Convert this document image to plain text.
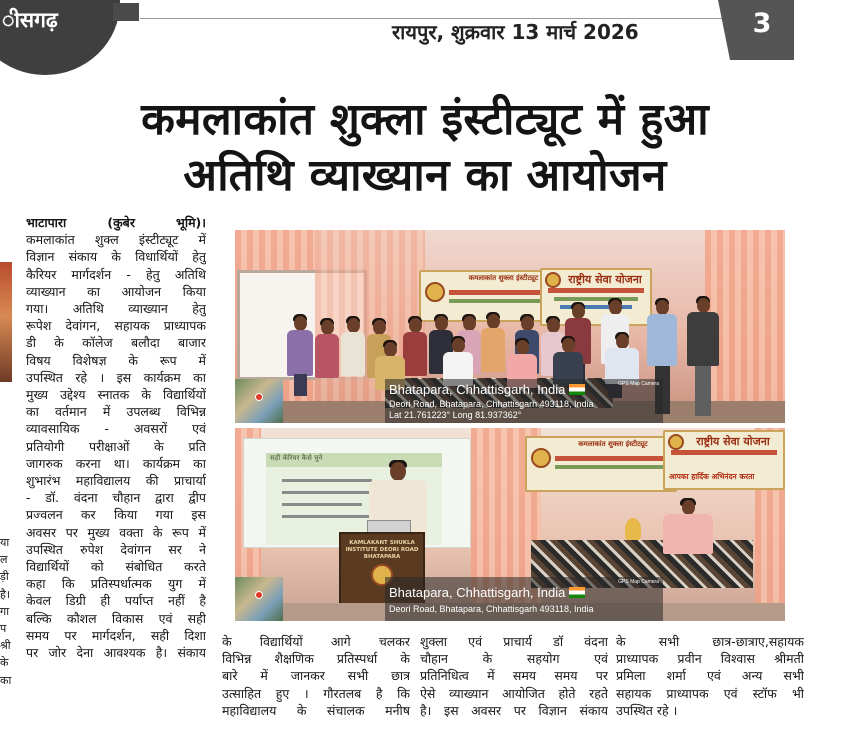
ीसगढ़	रायपुर, शुक्रवार 13 मार्च 2026	3
कमलाकांत शुक्ला इंस्टीट्यूट में हुआ
अतिथि व्याख्यान का आयोजन
या
ल
ड़ी
है।
गा
प
श्री
के
का
भाटापारा (कुबेर भूमि)।
कमलाकांत शुक्ल इंस्टीट्यूट में
विज्ञान संकाय के विधार्थियों हेतु
कैरियर मार्गदर्शन - हेतु अतिथि
व्याख्यान का आयोजन किया
गया। अतिथि व्याख्यान हेतु
रूपेश देवांगन, सहायक प्राध्यापक
डी के कॉलेज बलौदा बाजार
विषय विशेषज्ञ के रूप में
उपस्थित रहे । इस कार्यक्रम का
मुख्य उद्देश्य स्नातक के विद्यार्थियों
का वर्तमान में उपलब्ध विभिन्न
व्यावसायिक - अवसरों एवं
प्रतियोगी परीक्षाओं के प्रति
जागरुक करना था। कार्यक्रम का
शुभारंभ महाविद्यालय की प्राचार्या
- डॉ. वंदना चौहान द्वारा द्वीप
प्रज्वलन कर किया गया इस
अवसर पर मुख्य वक्ता के रूप में
उपस्थित रुपेश देवांगन सर ने
विद्यार्थियों को संबोधित करते
कहा कि प्रतिस्पर्धात्मक युग में
केवल डिग्री ही पर्याप्त नहीं है
बल्कि कौशल विकास एवं सही
समय पर मार्गदर्शन, सही दिशा
पर जोर देना आवश्यक है। संकाय
कमलाकांत शुक्ला इंस्टीट्यूट	राष्ट्रीय सेवा योजना
GPS Map Camera
Bhatapara, Chhattisgarh, India
Deori Road, Bhatapara, Chhattisgarh 493118, India
Lat 21.761223° Long 81.937362°
सही कॅरियर कैसे चुने
कमलाकांत शुक्ला इंस्टीट्यूट	राष्ट्रीय सेवा योजना
आपका हार्दिक अभिनंदन करता
KAMLAKANT SHUKLA INSTITUTE DEORI ROAD BHATAPARA
GPS Map Camera
Bhatapara, Chhattisgarh, India
Deori Road, Bhatapara, Chhattisgarh 493118, India
के विद्यार्थियों आगे चलकर
विभिन्न शैक्षणिक प्रतिस्पर्धा के
बारे में जानकर सभी छात्र
उत्साहित हुए । गौरतलब है कि
महाविद्यालय के संचालक मनीष
शुक्ला एवं प्राचार्य डॉ वंदना
चौहान के सहयोग एवं
प्रतिनिधित्व में समय समय पर
ऐसे व्याख्यान आयोजित होते रहते
है। इस अवसर पर विज्ञान संकाय
के सभी छात्र-छात्राए,सहायक
प्राध्यापक प्रवीन विश्वास श्रीमती
प्रमिला शर्मा एवं अन्य सभी
सहायक प्राध्यापक एवं स्टॉफ भी
उपस्थित रहे ।
